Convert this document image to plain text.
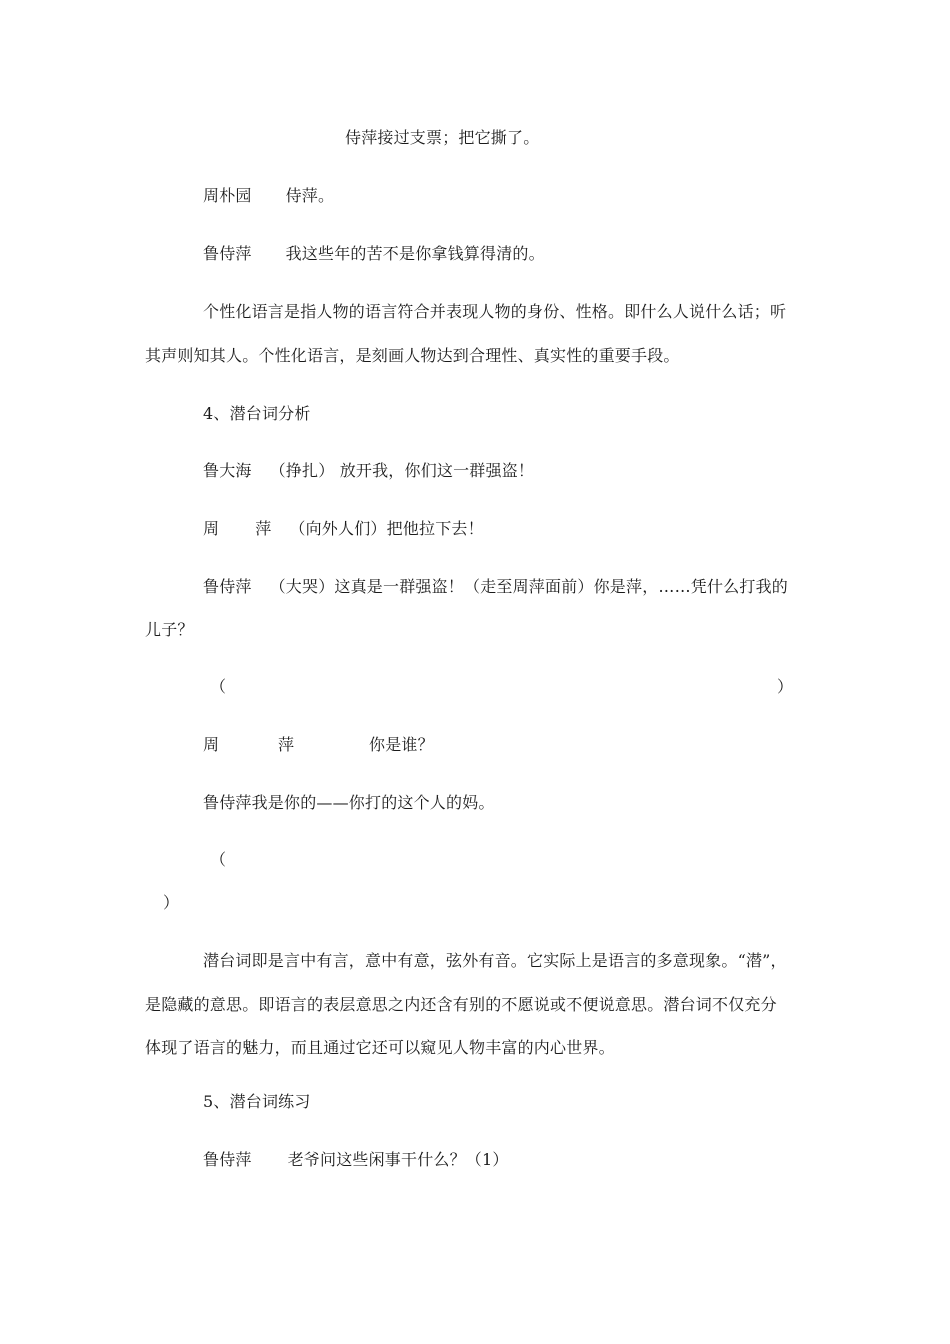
侍萍接过支票；把它撕了。
周朴园 侍萍。
鲁侍萍 我这些年的苦不是你拿钱算得清的。
个性化语言是指人物的语言符合并表现人物的身份、性格。即什么人说什么话；听
其声则知其人。个性化语言，是刻画人物达到合理性、真实性的重要手段。
4、潜台词分析
鲁大海 （挣扎） 放开我，你们这一群强盗！
周 萍 （向外人们）把他拉下去！
鲁侍萍 （大哭）这真是一群强盗！（走至周萍面前）你是萍，……凭什么打我的
儿子？
（	）
周	萍	你是谁？
鲁侍萍我是你的——你打的这个人的妈。
（
）
潜台词即是言中有言，意中有意，弦外有音。它实际上是语言的多意现象。“潜”，
是隐藏的意思。即语言的表层意思之内还含有别的不愿说或不便说意思。潜台词不仅充分
体现了语言的魅力，而且通过它还可以窥见人物丰富的内心世界。
5、潜台词练习
鲁侍萍 老爷问这些闲事干什么？（1）
